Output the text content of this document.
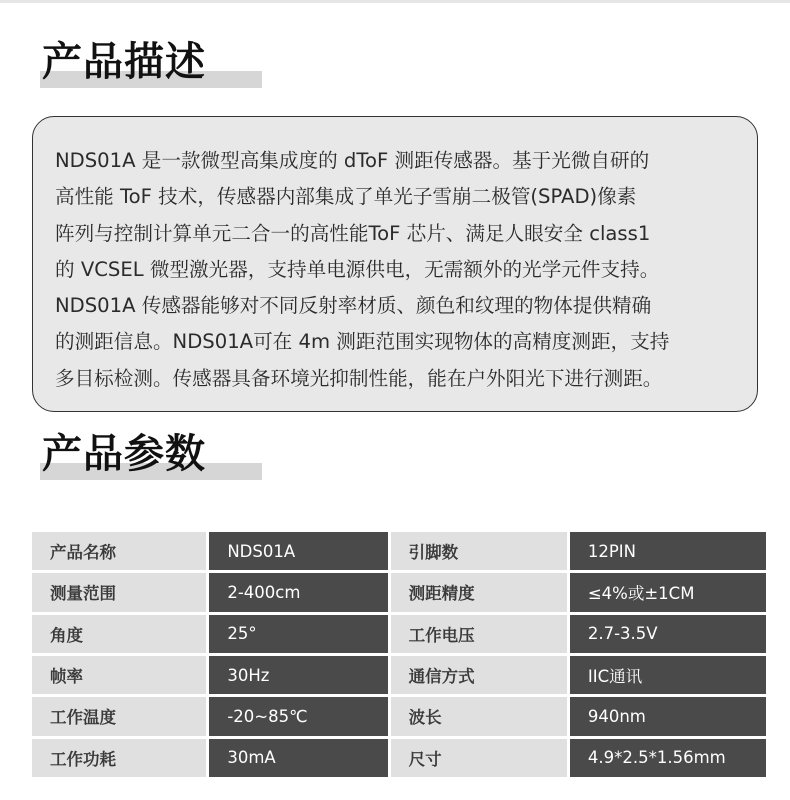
产品描述
NDS01A 是一款微型高集成度的 dToF 测距传感器。基于光微自研的
高性能 ToF 技术，传感器内部集成了单光子雪崩二极管(SPAD)像素
阵列与控制计算单元二合一的高性能ToF 芯片、满足人眼安全 class1
的 VCSEL 微型激光器，支持单电源供电，无需额外的光学元件支持。
NDS01A 传感器能够对不同反射率材质、颜色和纹理的物体提供精确
的测距信息。NDS01A可在 4m 测距范围实现物体的高精度测距，支持
多目标检测。传感器具备环境光抑制性能，能在户外阳光下进行测距。
产品参数
产品名称	NDS01A	引脚数	12PIN
测量范围	2-400cm	测距精度	≤4%或±1CM
角度	25°	工作电压	2.7-3.5V
帧率	30Hz	通信方式	IIC通讯
工作温度	-20~85℃	波长	940nm
工作功耗	30mA	尺寸	4.9*2.5*1.56mm
